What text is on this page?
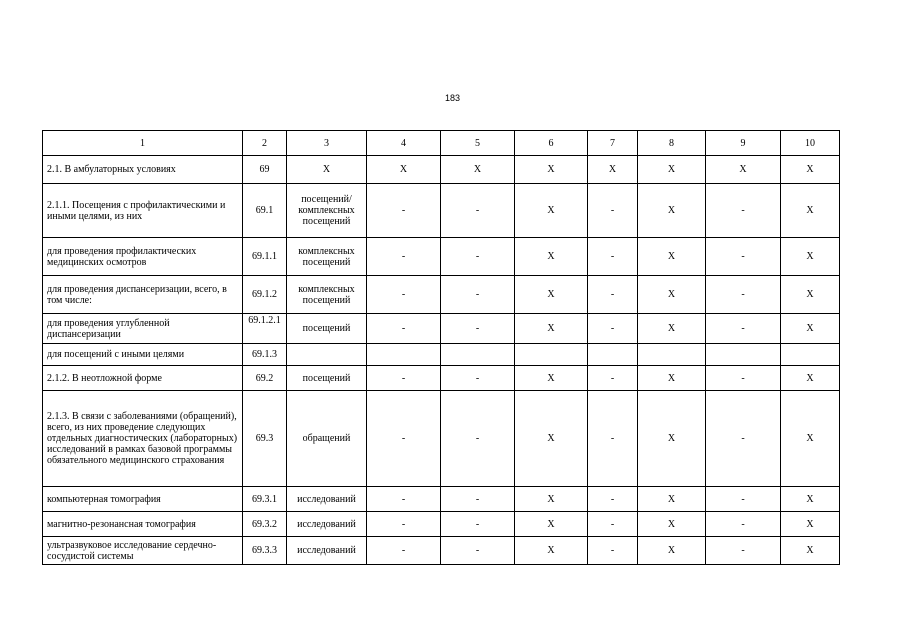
183
1	2	3	4	5	6	7	8	9	10
2.1. В амбулаторных условиях	69	Х	Х	Х	Х	Х	Х	Х	Х
2.1.1. Посещения с профилактическими и иными целями, из них	69.1	посещений/ комплексных посещений	-	-	Х	-	Х	-	Х
для проведения профилактических медицинских осмотров	69.1.1	комплексных посещений	-	-	Х	-	Х	-	Х
для проведения диспансеризации, всего, в том числе:	69.1.2	комплексных посещений	-	-	Х	-	Х	-	Х
для проведения углубленной диспансеризации	69.1.2.1	посещений	-	-	Х	-	Х	-	Х
для посещений с иными целями	69.1.3								
2.1.2. В неотложной форме	69.2	посещений	-	-	Х	-	Х	-	Х
2.1.3. В связи с заболеваниями (обращений), всего, из них проведение следующих отдельных диагностических (лабораторных) исследований в рамках базовой программы обязательного медицинского страхования	69.3	обращений	-	-	Х	-	Х	-	Х
компьютерная томография	69.3.1	исследований	-	-	Х	-	Х	-	Х
магнитно-резонансная томография	69.3.2	исследований	-	-	Х	-	Х	-	Х
ультразвуковое исследование сердечно-сосудистой системы	69.3.3	исследований	-	-	Х	-	Х	-	Х
